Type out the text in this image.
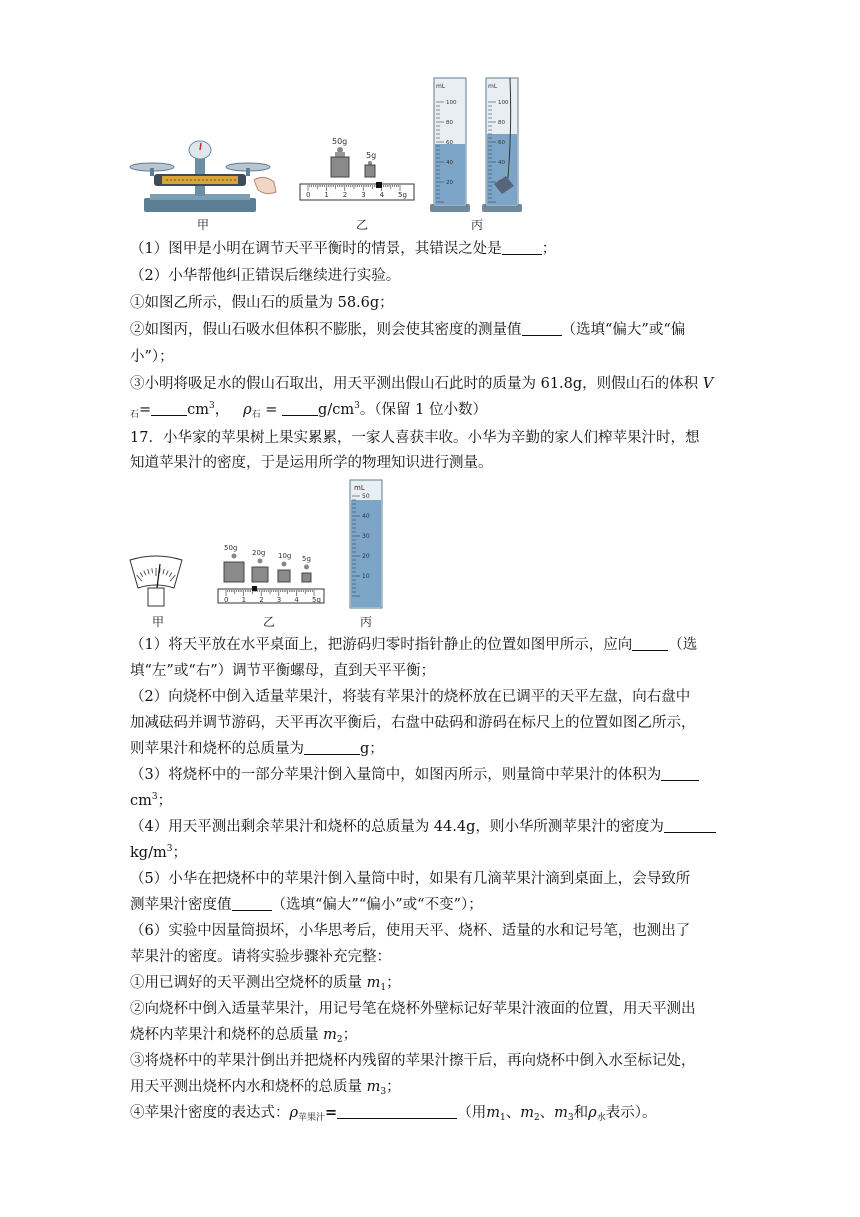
甲
50g
5g
0 1 2 3 4 5g
乙
mL
100
80
60
40
20
mL
100
80
60
40
丙
（1）图甲是小明在调节天平平衡时的情景，其错误之处是	；
（2）小华帮他纠正错误后继续进行实验。
①如图乙所示，假山石的质量为 58.6g；
②如图丙，假山石吸水但体积不膨胀，则会使其密度的测量值	（选填“偏大”或“偏
小”）；
③小明将吸足水的假山石取出，用天平测出假山石此时的质量为 61.8g，则假山石的体积 V
$_石= cm^3$， $\rho_石$ =	$g/cm^3$。（保留 1 位小数）
17．小华家的苹果树上果实累累，一家人喜获丰收。小华为辛勤的家人们榨苹果汁时，想
知道苹果汁的密度，于是运用所学的物理知识进行测量。
甲
50g
20g 10g 5g
0 1 2 3 4 5g
乙
mL
50
40
30
20
10
丙
（1）将天平放在水平桌面上，把游码归零时指针静止的位置如图甲所示，应向 （选
填“左”或“右”）调节平衡螺母，直到天平平衡；
（2）向烧杯中倒入适量苹果汁，将装有苹果汁的烧杯放在已调平的天平左盘，向右盘中
加减砝码并调节游码，天平再次平衡后，右盘中砝码和游码在标尺上的位置如图乙所示，
则苹果汁和烧杯的总质量为	g；
（3）将烧杯中的一部分苹果汁倒入量筒中，如图丙所示，则量筒中苹果汁的体积为
$cm^3$；
（4）用天平测出剩余苹果汁和烧杯的总质量为 44.4g，则小华所测苹果汁的密度为
$kg/m^3$；
（5）小华在把烧杯中的苹果汁倒入量筒中时，如果有几滴苹果汁滴到桌面上，会导致所
测苹果汁密度值	（选填“偏大”“偏小”或“不变”）；
（6）实验中因量筒损坏，小华思考后，使用天平、烧杯、适量的水和记号笔，也测出了
苹果汁的密度。请将实验步骤补充完整：
①用已调好的天平测出空烧杯的质量 $m_1$；
②向烧杯中倒入适量苹果汁，用记号笔在烧杯外壁标记好苹果汁液面的位置，用天平测出
烧杯内苹果汁和烧杯的总质量 $m_2$；
③将烧杯中的苹果汁倒出并把烧杯内残留的苹果汁擦干后，再向烧杯中倒入水至标记处，
用天平测出烧杯内水和烧杯的总质量 $m_3$；
④苹果汁密度的表达式：$\rho_{苹果汁}=$	（用$m_1$、$m_2$、$m_3$和$\rho_水$表示）。
